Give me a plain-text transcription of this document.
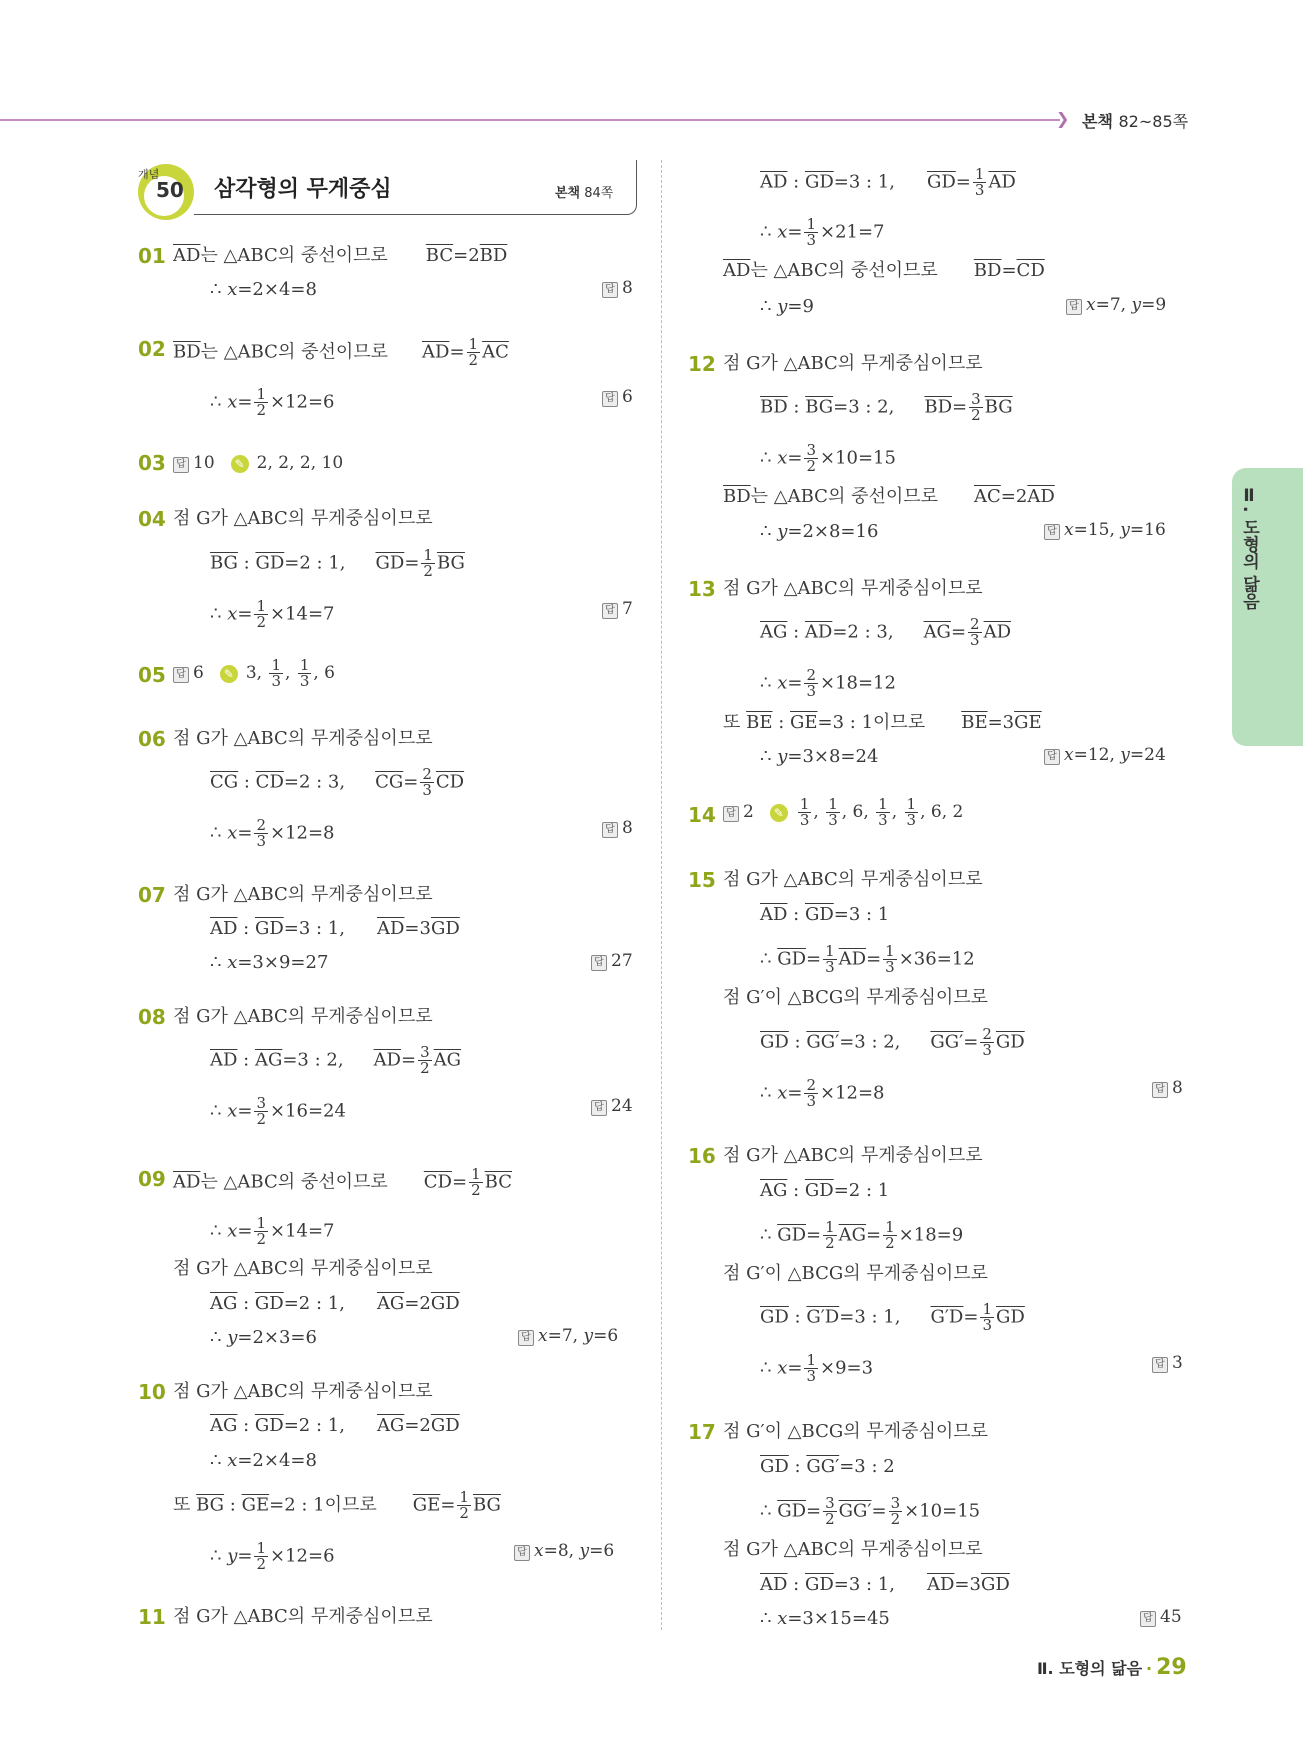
❯ 본책 82~85쪽
개념
50 삼각형의 무게중심	본책 84쪽
01 $\overline{AD}$는 △ABC의 중선이므로 $\overline{BC}=2\overline{BD}$
∴ x=2×4=8	답 8
02 $\overline{BD}$는 △ABC의 중선이므로 $\overline{AD}= \frac{1}{2} \overline{AC}$
∴ $x= \frac{1}{2} \times 12=6$	답 6
03	답 10 ✎ 2, 2, 2, 10
04 점 G가 △ABC의 무게중심이므로
$\overline{BG}$ : $\overline{GD}=2$ : 1, $\overline{GD}= \frac{1}{2} \overline{BG}$
∴ $x= \frac{1}{2} \times 14=7$	답 7
05	답 6 ✎ 3, $\frac{1}{3}$ , $\frac{1}{3}$ , 6
06 점 G가 △ABC의 무게중심이므로
$\overline{CG}$ : $\overline{CD}=2$ : 3, $\overline{CG}= \frac{2}{3} \overline{CD}$
∴ $x= \frac{2}{3} \times 12=8$	답 8
07 점 G가 △ABC의 무게중심이므로
$\overline{AD}$ : $\overline{GD}=3$ : 1, $\overline{AD}=3\overline{GD}$
∴ x=3×9=27	답 27
08 점 G가 △ABC의 무게중심이므로
$\overline{AD}$ : $\overline{AG}=3$ : 2, $\overline{AD}= \frac{3}{2} \overline{AG}$
∴ $x= \frac{3}{2} \times 16=24$	답 24
09 $\overline{AD}$는 △ABC의 중선이므로 $\overline{CD}= \frac{1}{2} \overline{BC}$
∴ $x= \frac{1}{2} \times 14=7$
점 G가 △ABC의 무게중심이므로
$\overline{AG}$ : $\overline{GD}=2$ : 1, $\overline{AG}=2\overline{GD}$
∴ y=2×3=6	답 x=7, y=6
10 점 G가 △ABC의 무게중심이므로
$\overline{AG}$ : $\overline{GD}=2$ : 1, $\overline{AG}=2\overline{GD}$
∴ x=2×4=8
또 $\overline{BG}$ : $\overline{GE}=2$ : 1이므로 $\overline{GE}= \frac{1}{2} \overline{BG}$
∴ $y= \frac{1}{2} \times 12=6$	답 x=8, y=6
11 점 G가 △ABC의 무게중심이므로
$\overline{AD}$ : $\overline{GD}=3$ : 1, $\overline{GD}= \frac{1}{3} \overline{AD}$
∴ $x= \frac{1}{3} \times 21=7$
$\overline{AD}$는 △ABC의 중선이므로 $\overline{BD}=\overline{CD}$
∴ y=9	답 x=7, y=9
12 점 G가 △ABC의 무게중심이므로
$\overline{BD}$ : $\overline{BG}=3$ : 2, $\overline{BD}= \frac{3}{2} \overline{BG}$
∴ $x= \frac{3}{2} \times 10=15$
$\overline{BD}$는 △ABC의 중선이므로 $\overline{AC}=2\overline{AD}$
∴ y=2×8=16	답 x=15, y=16
13 점 G가 △ABC의 무게중심이므로
$\overline{AG}$ : $\overline{AD}=2$ : 3, $\overline{AG}= \frac{2}{3} \overline{AD}$
∴ $x= \frac{2}{3} \times 18=12$
또 $\overline{BE}$ : $\overline{GE}=3$ : 1이므로 $\overline{BE}=3\overline{GE}$
∴ y=3×8=24	답 x=12, y=24
14	답 2 ✎ $\frac{1}{3}$ , $\frac{1}{3}$ , 6, $\frac{1}{3}$ , $\frac{1}{3}$ , 6, 2
15 점 G가 △ABC의 무게중심이므로
$\overline{AD}$ : $\overline{GD}=3$ : 1
∴ $\overline{GD}= \frac{1}{3} \overline{AD}= \frac{1}{3} \times 36=12$
점 G′이 △BCG의 무게중심이므로
$\overline{GD}$ : GG′=3 : 2, $GG'= \frac{2}{3} \overline{GD}$
∴ $x= \frac{2}{3} \times 12=8$	답 8
16 점 G가 △ABC의 무게중심이므로
$\overline{AG}$ : $\overline{GD}=2$ : 1
∴ $\overline{GD}= \frac{1}{2} \overline{AG}= \frac{1}{2} \times 18=9$
점 G′이 △BCG의 무게중심이므로
$\overline{GD}$ : G′D=3 : 1, $G'D= \frac{1}{3} \overline{GD}$
∴ $x= \frac{1}{3} \times 9=3$	답 3
17 점 G′이 △BCG의 무게중심이므로
$\overline{GD}$ : GG′=3 : 2
∴ $\overline{GD}= \frac{3}{2} GG'= \frac{3}{2} \times 10=15$
점 G가 △ABC의 무게중심이므로
$\overline{AD}$ : $\overline{GD}=3$ : 1, $\overline{AD}=3\overline{GD}$
∴ x=3×15=45	답 45
Ⅱ. 도형의 닮음
Ⅱ. 도형의 닮음 · 29
